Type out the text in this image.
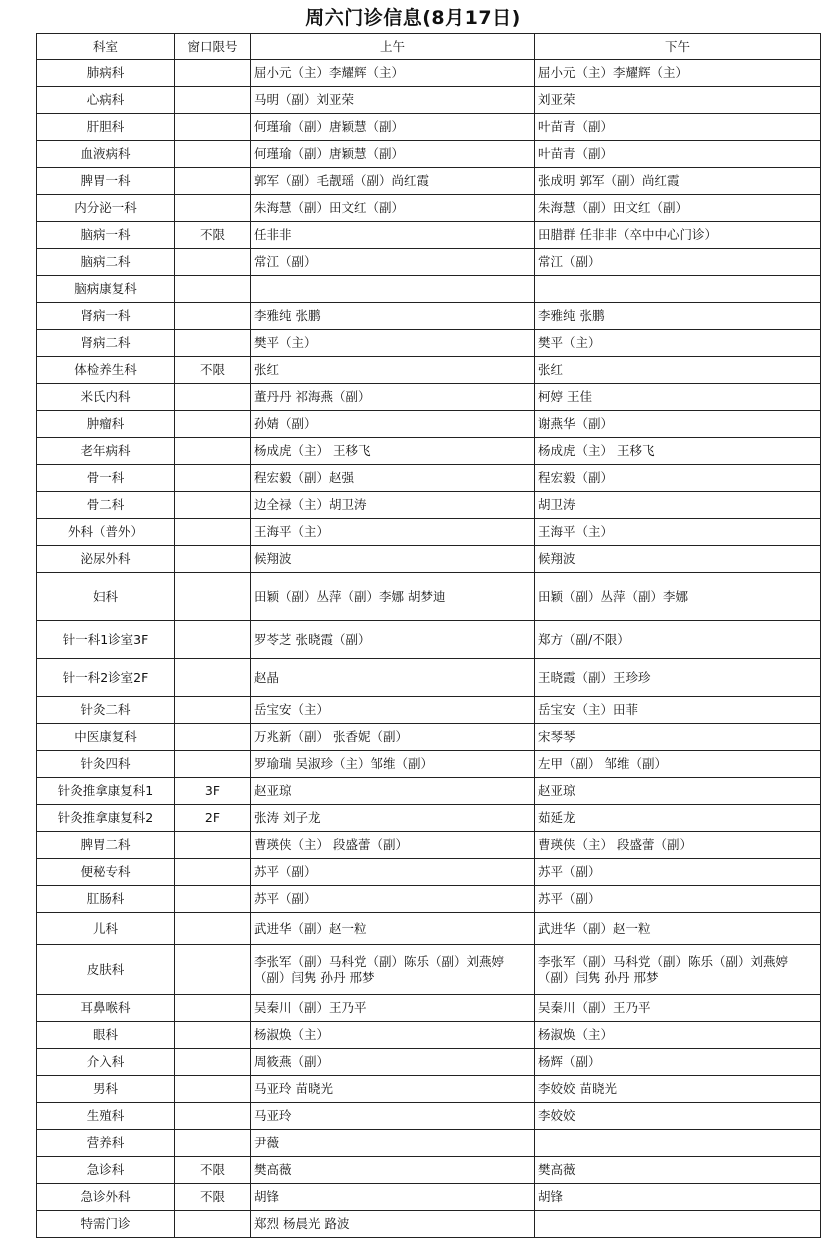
周六门诊信息(8月17日)
科室	窗口限号	上午	下午
肺病科		屈小元（主）李耀辉（主）	屈小元（主）李耀辉（主）
心病科		马明（副）刘亚荣	刘亚荣
肝胆科		何瑾瑜（副）唐颖慧（副）	叶苗青（副）
血液病科		何瑾瑜（副）唐颖慧（副）	叶苗青（副）
脾胃一科		郭军（副）毛靓瑶（副）尚红霞	张成明 郭军（副）尚红霞
内分泌一科		朱海慧（副）田文红（副）	朱海慧（副）田文红（副）
脑病一科	不限	任非非	田腊群 任非非（卒中中心门诊）
脑病二科		常江（副）	常江（副）
脑病康复科			
肾病一科		李雅纯 张鹏	李雅纯 张鹏
肾病二科		樊平（主）	樊平（主）
体检养生科	不限	张红	张红
米氏内科		董丹丹 祁海燕（副）	柯婷 王佳
肿瘤科		孙婧（副）	谢燕华（副）
老年病科		杨成虎（主） 王移飞	杨成虎（主） 王移飞
骨一科		程宏毅（副）赵强	程宏毅（副）
骨二科		边全禄（主）胡卫涛	胡卫涛
外科（普外）		王海平（主）	王海平（主）
泌尿外科		候翔波	候翔波
妇科		田颖（副）丛萍（副）李娜 胡梦迪	田颖（副）丛萍（副）李娜
针一科1诊室3F		罗苓芝 张晓霞（副）	郑方（副/不限）
针一科2诊室2F		赵晶	王晓霞（副）王珍珍
针灸二科		岳宝安（主）	岳宝安（主）田菲
中医康复科		万兆新（副） 张香妮（副）	宋琴琴
针灸四科		罗瑜瑞 吴淑珍（主）邹维（副）	左甲（副） 邹维（副）
针灸推拿康复科1	3F	赵亚琼	赵亚琼
针灸推拿康复科2	2F	张涛 刘子龙	茹延龙
脾胃二科		曹瑛侠（主） 段盛蕾（副）	曹瑛侠（主） 段盛蕾（副）
便秘专科		苏平（副）	苏平（副）
肛肠科		苏平（副）	苏平（副）
儿科		武进华（副）赵一粒	武进华（副）赵一粒
皮肤科		李张军（副）马科党（副）陈乐（副）刘燕婷（副）闫隽 孙丹 邢梦	李张军（副）马科党（副）陈乐（副）刘燕婷（副）闫隽 孙丹 邢梦
耳鼻喉科		吴秦川（副）王乃平	吴秦川（副）王乃平
眼科		杨淑焕（主）	杨淑焕（主）
介入科		周筱燕（副）	杨辉（副）
男科		马亚玲 苗晓光	李姣姣 苗晓光
生殖科		马亚玲	李姣姣
营养科		尹薇	
急诊科	不限	樊高薇	樊高薇
急诊外科	不限	胡锋	胡锋
特需门诊		郑烈 杨晨光 路波	
